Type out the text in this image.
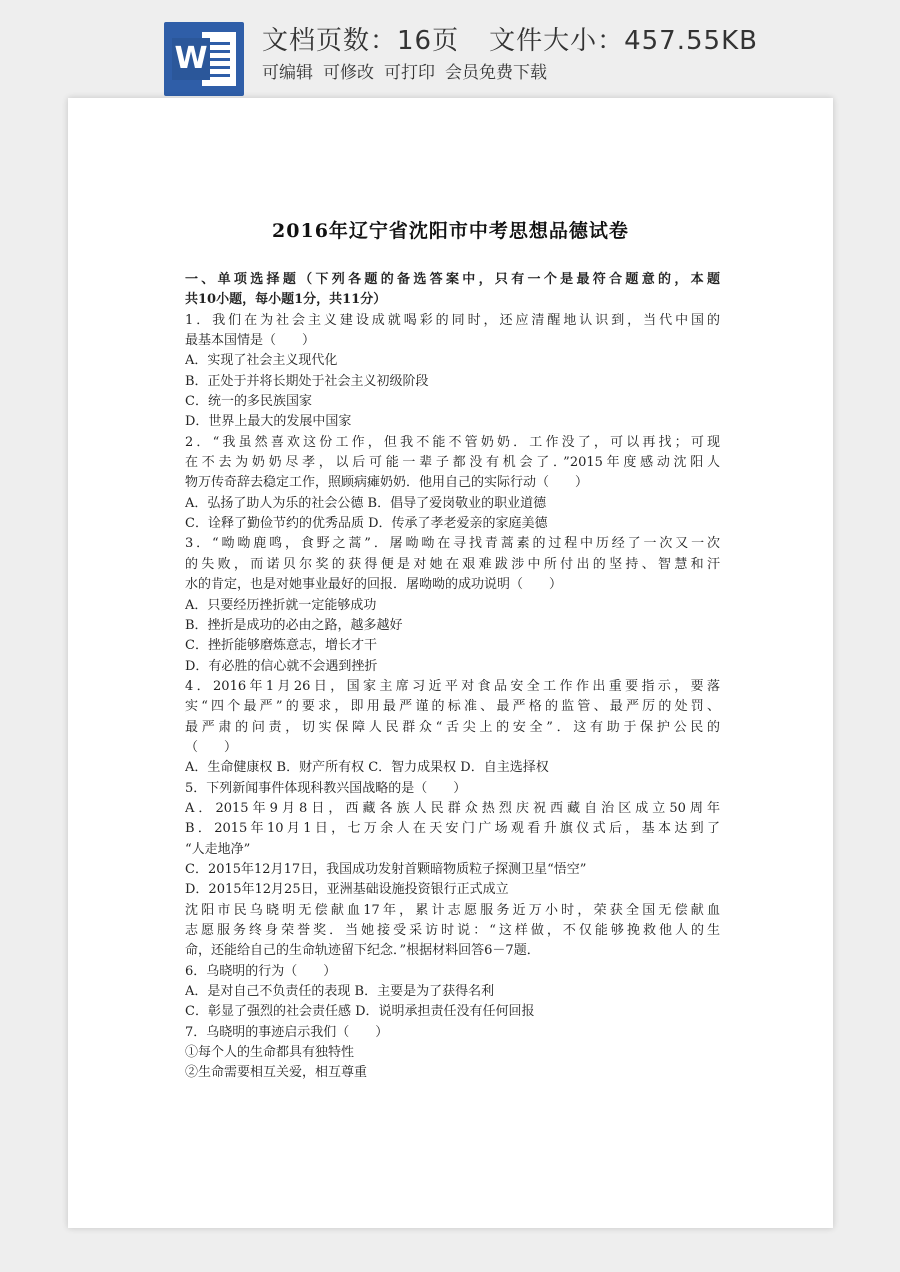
W 文档页数：16页 文件大小：457.55KB
可编辑 可修改 可打印 会员免费下载
2016年辽宁省沈阳市中考思想品德试卷
一、单项选择题（下列各题的备选答案中，只有一个是最符合题意的，本题
共10小题，每小题1分，共11分）
1．我们在为社会主义建设成就喝彩的同时，还应清醒地认识到，当代中国的
最基本国情是（　　）
A．实现了社会主义现代化
B．正处于并将长期处于社会主义初级阶段
C．统一的多民族国家
D．世界上最大的发展中国家
2．“我虽然喜欢这份工作，但我不能不管奶奶．工作没了，可以再找；可现
在不去为奶奶尽孝，以后可能一辈子都没有机会了．”2015年度感动沈阳人
物万传奇辞去稳定工作，照顾病瘫奶奶．他用自己的实际行动（　　）
A．弘扬了助人为乐的社会公德 B．倡导了爱岗敬业的职业道德
C．诠释了勤俭节约的优秀品质 D．传承了孝老爱亲的家庭美德
3．“呦呦鹿鸣，食野之蒿”．屠呦呦在寻找青蒿素的过程中历经了一次又一次
的失败，而诺贝尔奖的获得便是对她在艰难跋涉中所付出的坚持、智慧和汗
水的肯定，也是对她事业最好的回报．屠呦呦的成功说明（　　）
A．只要经历挫折就一定能够成功
B．挫折是成功的必由之路，越多越好
C．挫折能够磨炼意志，增长才干
D．有必胜的信心就不会遇到挫折
4．2016年1月26日，国家主席习近平对食品安全工作作出重要指示，要落
实“四个最严”的要求，即用最严谨的标准、最严格的监管、最严厉的处罚、
最严肃的问责，切实保障人民群众“舌尖上的安全”．这有助于保护公民的
（　　）
A．生命健康权 B．财产所有权 C．智力成果权 D．自主选择权
5．下列新闻事件体现科教兴国战略的是（　　）
A．2015年9月8日，西藏各族人民群众热烈庆祝西藏自治区成立50周年
B．2015年10月1日，七万余人在天安门广场观看升旗仪式后，基本达到了
“人走地净”
C．2015年12月17日，我国成功发射首颗暗物质粒子探测卫星“悟空”
D．2015年12月25日，亚洲基础设施投资银行正式成立
沈阳市民乌晓明无偿献血17年，累计志愿服务近万小时，荣获全国无偿献血
志愿服务终身荣誉奖．当她接受采访时说：“这样做，不仅能够挽救他人的生
命，还能给自己的生命轨迹留下纪念．”根据材料回答6－7题．
6．乌晓明的行为（　　）
A．是对自己不负责任的表现 B．主要是为了获得名利
C．彰显了强烈的社会责任感 D．说明承担责任没有任何回报
7．乌晓明的事迹启示我们（　　）
①每个人的生命都具有独特性
②生命需要相互关爱，相互尊重
